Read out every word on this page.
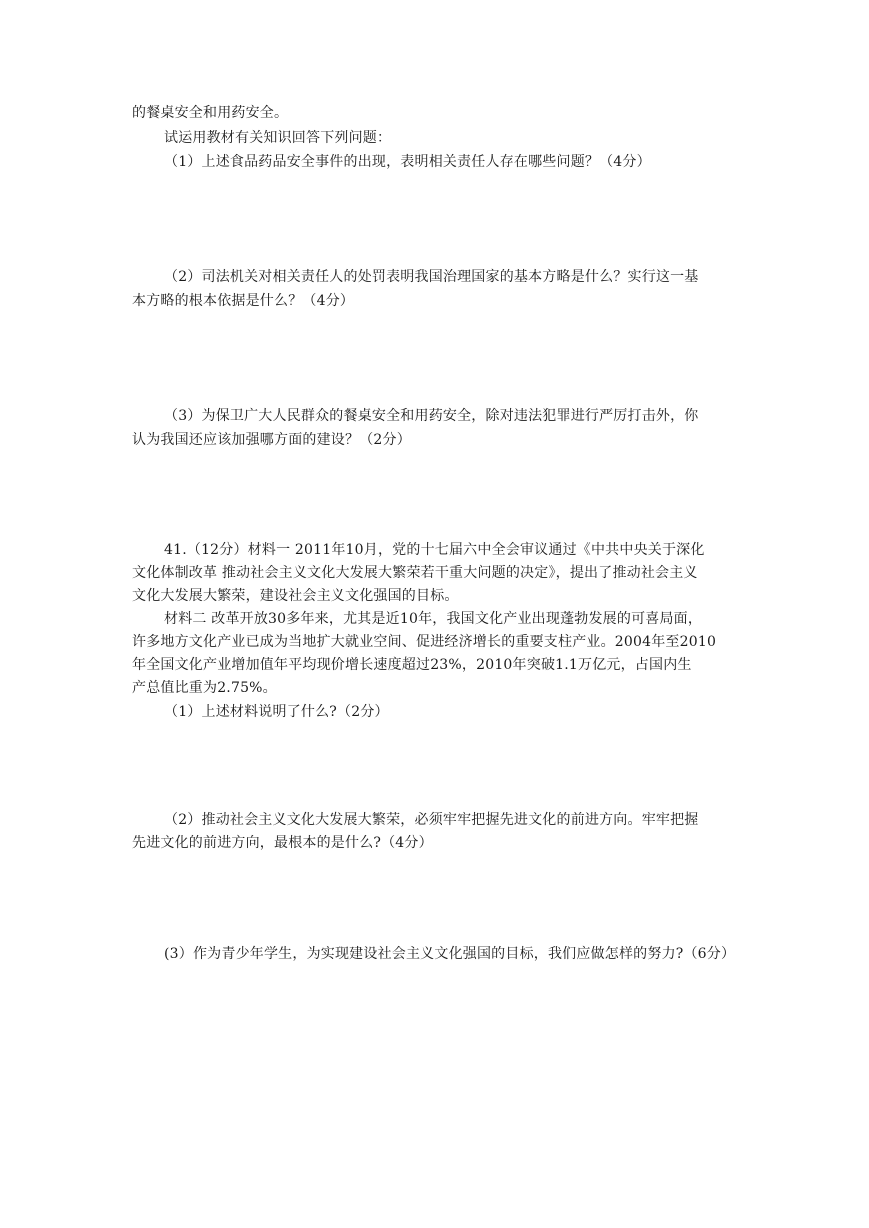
的餐桌安全和用药安全。

试运用教材有关知识回答下列问题：

（1）上述食品药品安全事件的出现，表明相关责任人存在哪些问题？（4分）

（2）司法机关对相关责任人的处罚表明我国治理国家的基本方略是什么？实行这一基

本方略的根本依据是什么？（4分）

（3）为保卫广大人民群众的餐桌安全和用药安全，除对违法犯罪进行严厉打击外，你

认为我国还应该加强哪方面的建设？（2分）

41.（12分）材料一 2011年10月，党的十七届六中全会审议通过《中共中央关于深化

文化体制改革 推动社会主义文化大发展大繁荣若干重大问题的决定》，提出了推动社会主义

文化大发展大繁荣，建设社会主义文化强国的目标。

材料二 改革开放30多年来，尤其是近10年，我国文化产业出现蓬勃发展的可喜局面，

许多地方文化产业已成为当地扩大就业空间、促进经济增长的重要支柱产业。2004年至2010

年全国文化产业增加值年平均现价增长速度超过23%，2010年突破1.1万亿元，占国内生

产总值比重为2.75%。

（1）上述材料说明了什么?（2分）

（2）推动社会主义文化大发展大繁荣，必须牢牢把握先进文化的前进方向。牢牢把握

先进文化的前进方向，最根本的是什么?（4分）

(3）作为青少年学生，为实现建设社会主义文化强国的目标，我们应做怎样的努力?（6分）
